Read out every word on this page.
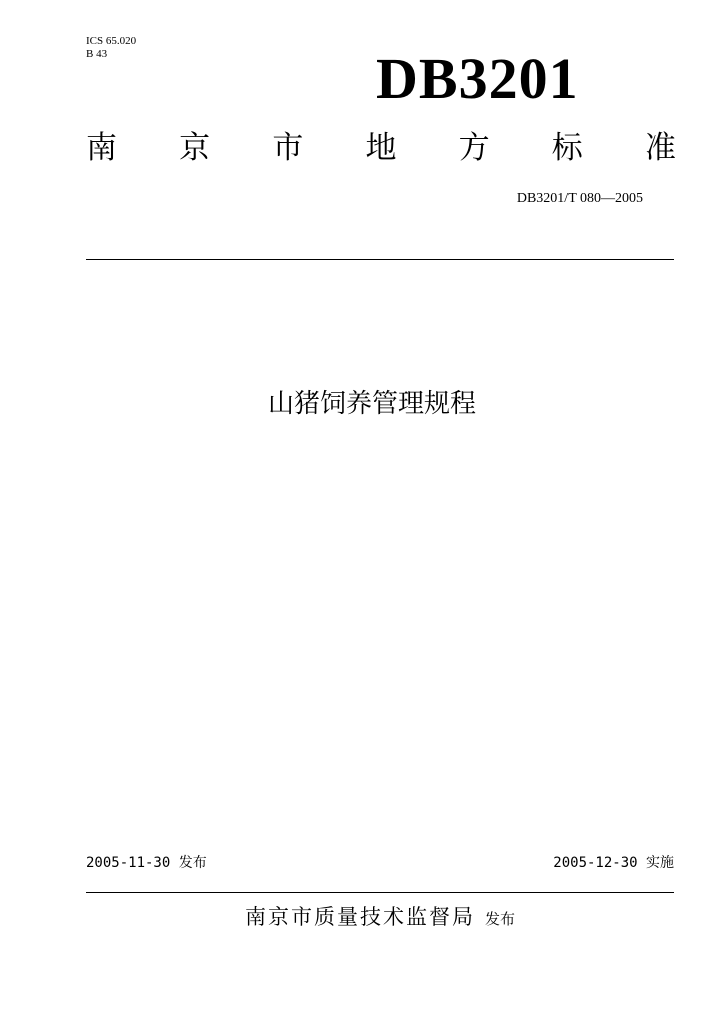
ICS 65.020
B 43	DB3201
南 京 市 地 方 标 准
DB3201/T 080—2005
山猪饲养管理规程
2005-11-30 发布	2005-12-30 实施
南京市质量技术监督局 发布
